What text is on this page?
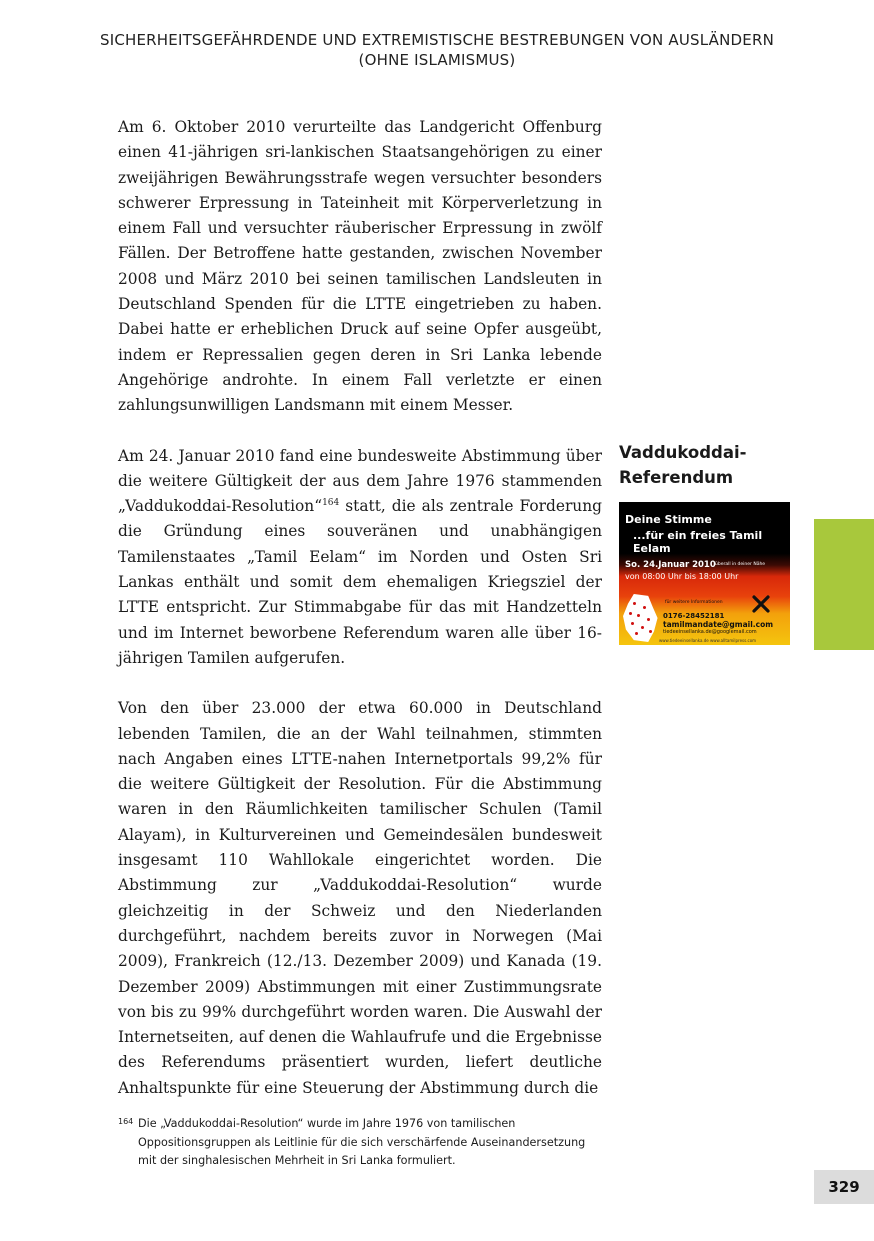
SICHERHEITSGEFÄHRDENDE UND EXTREMISTISCHE BESTREBUNGEN VON AUSLÄNDERN
(OHNE ISLAMISMUS)

Am 6. Oktober 2010 verurteilte das Landgericht Offenburg einen 41-jährigen sri-lankischen Staatsangehörigen zu einer zweijährigen Bewährungsstrafe wegen versuchter besonders schwerer Erpressung in Tateinheit mit Körperverletzung in einem Fall und versuchter räuberischer Erpressung in zwölf Fällen. Der Betroffene hatte gestanden, zwischen November 2008 und März 2010 bei seinen tamilischen Landsleuten in Deutschland Spenden für die LTTE eingetrieben zu haben. Dabei hatte er erheblichen Druck auf seine Opfer ausgeübt, indem er Repressalien gegen deren in Sri Lanka lebende Angehörige androhte. In einem Fall verletzte er einen zahlungsunwilligen Landsmann mit einem Messer.

Am 24. Januar 2010 fand eine bundesweite Abstimmung über die weitere Gültigkeit der aus dem Jahre 1976 stammenden „Vaddukoddai-Resolution“$^{164}$ statt, die als zentrale Forderung die Gründung eines souveränen und unabhängigen Tamilenstaates „Tamil Eelam“ im Norden und Osten Sri Lankas enthält und somit dem ehemaligen Kriegsziel der LTTE entspricht. Zur Stimmabgabe für das mit Handzetteln und im Internet beworbene Referendum waren alle über 16-jährigen Tamilen aufgerufen.

Von den über 23.000 der etwa 60.000 in Deutschland lebenden Tamilen, die an der Wahl teilnahmen, stimmten nach Angaben eines LTTE-nahen Internetportals 99,2% für die weitere Gültigkeit der Resolution. Für die Abstimmung waren in den Räumlichkeiten tamilischer Schulen (Tamil Alayam), in Kulturvereinen und Gemeindesälen bundesweit insgesamt 110 Wahllokale eingerichtet worden. Die Abstimmung zur „Vaddukoddai-Resolution“ wurde gleichzeitig in der Schweiz und den Niederlanden durchgeführt, nachdem bereits zuvor in Norwegen (Mai 2009), Frankreich (12./13. Dezember 2009) und Kanada (19. Dezember 2009) Abstimmungen mit einer Zustimmungsrate von bis zu 99% durchgeführt worden waren. Die Auswahl der Internetseiten, auf denen die Wahlaufrufe und die Ergebnisse des Referendums präsentiert wurden, liefert deutliche Anhaltspunkte für eine Steuerung der Abstimmung durch die

Vaddukoddai-
Referendum
Deine Stimme
...für ein freies Tamil Eelam
So. 24.Januar 2010 überall in deiner Nähe
von 08:00 Uhr bis 18:00 Uhr
für weitere Informationen
0176-28452181
tamilmandate@gmail.com
tiedeeinsellanka.de@googlemail.com
www.tiedeeinsellanka.de www.alltamilpress.com
164 Die „Vaddukoddai-Resolution“ wurde im Jahre 1976 von tamilischen Oppositionsgruppen als Leitlinie für die sich verschärfende Auseinandersetzung mit der singhalesischen Mehrheit in Sri Lanka formuliert.
329
